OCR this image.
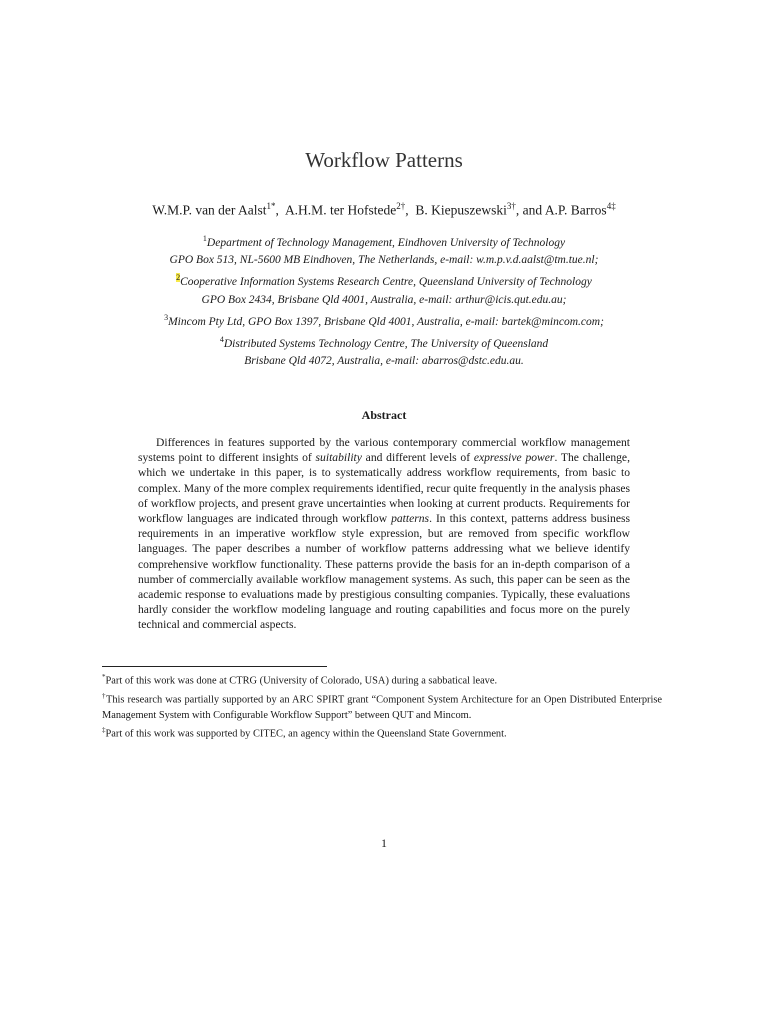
Workflow Patterns
W.M.P. van der Aalst$^{1*}$, A.H.M. ter Hofstede$^{2\dagger}$, B. Kiepuszewski$^{3\dagger}$, and A.P. Barros$^{4\ddagger}$
$^1$Department of Technology Management, Eindhoven University of Technology
GPO Box 513, NL-5600 MB Eindhoven, The Netherlands, e-mail: w.m.p.v.d.aalst@tm.tue.nl;
$^2$Cooperative Information Systems Research Centre, Queensland University of Technology
GPO Box 2434, Brisbane Qld 4001, Australia, e-mail: arthur@icis.qut.edu.au;
$^3$Mincom Pty Ltd, GPO Box 1397, Brisbane Qld 4001, Australia, e-mail: bartek@mincom.com;
$^4$Distributed Systems Technology Centre, The University of Queensland
Brisbane Qld 4072, Australia, e-mail: abarros@dstc.edu.au.
Abstract
Differences in features supported by the various contemporary commercial workflow management systems point to different insights of suitability and different levels of expressive power. The challenge, which we undertake in this paper, is to systematically address workflow requirements, from basic to complex. Many of the more complex requirements identified, recur quite frequently in the analysis phases of workflow projects, and present grave uncertainties when looking at current products. Requirements for workflow languages are indicated through workflow patterns. In this context, patterns address business requirements in an imperative workflow style expression, but are removed from specific workflow languages. The paper describes a number of workflow patterns addressing what we believe identify comprehensive workflow functionality. These patterns provide the basis for an in-depth comparison of a number of commercially available workflow management systems. As such, this paper can be seen as the academic response to evaluations made by prestigious consulting companies. Typically, these evaluations hardly consider the workflow modeling language and routing capabilities and focus more on the purely technical and commercial aspects.

*Part of this work was done at CTRG (University of Colorado, USA) during a sabbatical leave.

†This research was partially supported by an ARC SPIRT grant “Component System Architecture for an Open Distributed Enterprise Management System with Configurable Workflow Support” between QUT and Mincom.

‡Part of this work was supported by CITEC, an agency within the Queensland State Government.

1
